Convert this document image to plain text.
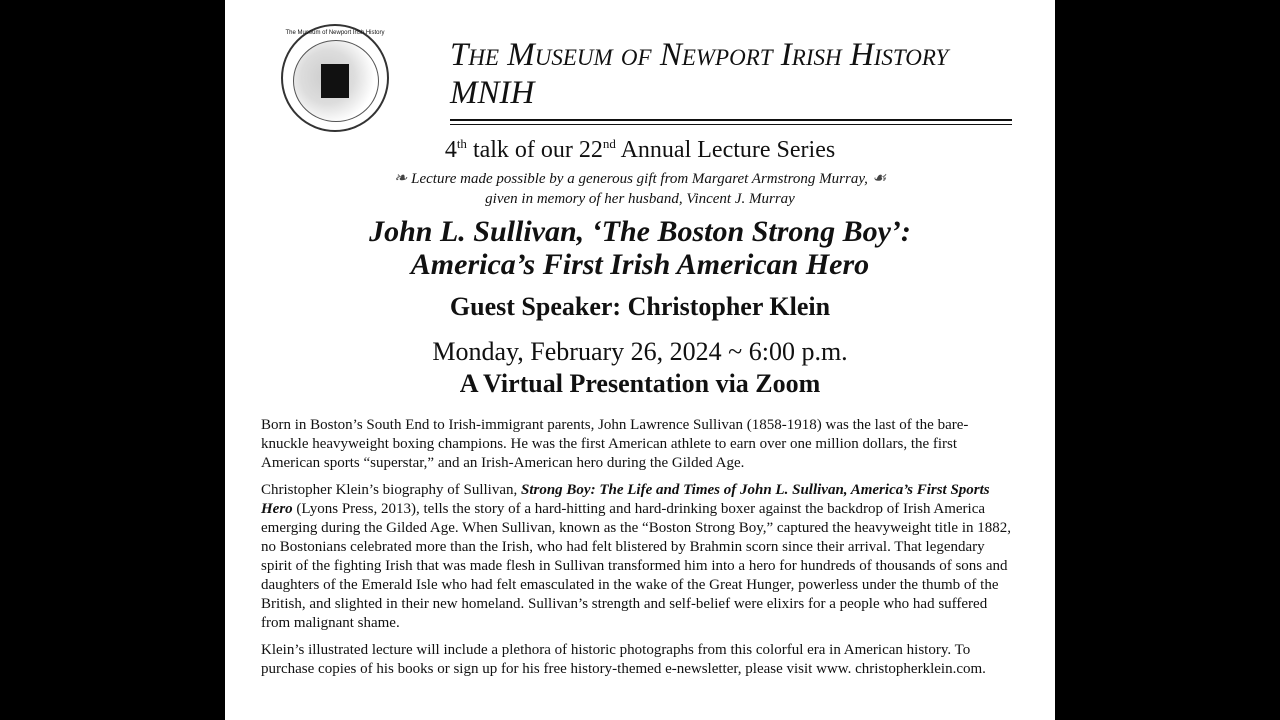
The Museum of Newport Irish History
The Museum of Newport Irish History
MNIH
4th talk of our 22nd Annual Lecture Series
❧ Lecture made possible by a generous gift from Margaret Armstrong Murray, ☙
given in memory of her husband, Vincent J. Murray
John L. Sullivan, ‘The Boston Strong Boy’:
America’s First Irish American Hero
Guest Speaker: Christopher Klein
Monday, February 26, 2024 ~ 6:00 p.m.
A Virtual Presentation via Zoom

Born in Boston’s South End to Irish-immigrant parents, John Lawrence Sullivan (1858-1918) was the last of the bare-knuckle heavyweight boxing champions. He was the first American athlete to earn over one million dollars, the first American sports “superstar,” and an Irish-American hero during the Gilded Age.

Christopher Klein’s biography of Sullivan, Strong Boy: The Life and Times of John L. Sullivan, America’s First Sports Hero (Lyons Press, 2013), tells the story of a hard-hitting and hard-drinking boxer against the backdrop of Irish America emerging during the Gilded Age. When Sullivan, known as the “Boston Strong Boy,” captured the heavyweight title in 1882, no Bostonians celebrated more than the Irish, who had felt blistered by Brahmin scorn since their arrival. That legendary spirit of the fighting Irish that was made flesh in Sullivan transformed him into a hero for hundreds of thousands of sons and daughters of the Emerald Isle who had felt emasculated in the wake of the Great Hunger, powerless under the thumb of the British, and slighted in their new homeland. Sullivan’s strength and self-belief were elixirs for a people who had suffered from malignant shame.

Klein’s illustrated lecture will include a plethora of historic photographs from this colorful era in American history. To purchase copies of his books or sign up for his free history-themed e-newsletter, please visit www. christopherklein.com.
